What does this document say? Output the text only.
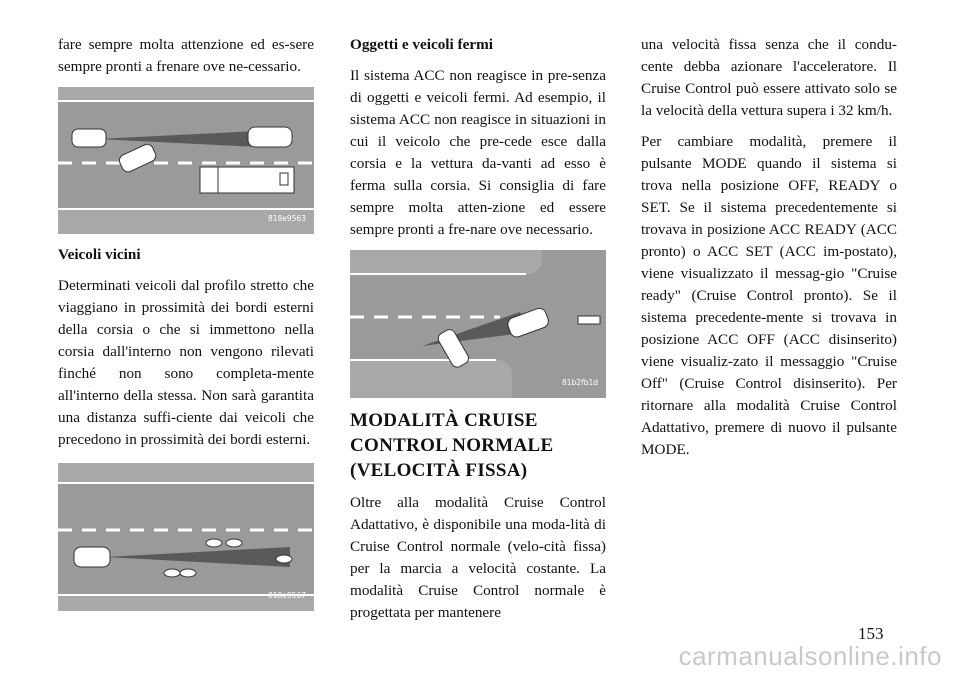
fare sempre molta attenzione ed es-sere sempre pronti a frenare ove ne-cessario.

818e9563

Veicoli vicini

Determinati veicoli dal profilo stretto che viaggiano in prossimità dei bordi esterni della corsia o che si immettono nella corsia dall'interno non vengono rilevati finché non sono completa-mente all'interno della stessa. Non sarà garantita una distanza suffi-ciente dai veicoli che precedono in prossimità dei bordi esterni.

818e9567

Oggetti e veicoli fermi

Il sistema ACC non reagisce in pre-senza di oggetti e veicoli fermi. Ad esempio, il sistema ACC non reagisce in situazioni in cui il veicolo che pre-cede esce dalla corsia e la vettura da-vanti ad esso è ferma sulla corsia. Si consiglia di fare sempre molta atten-zione ed essere sempre pronti a fre-nare ove necessario.

81b2fb1d

MODALITÀ CRUISE CONTROL NORMALE (VELOCITÀ FISSA)

Oltre alla modalità Cruise Control Adattativo, è disponibile una moda-lità di Cruise Control normale (velo-cità fissa) per la marcia a velocità costante. La modalità Cruise Control normale è progettata per mantenere

una velocità fissa senza che il condu-cente debba azionare l'acceleratore. Il Cruise Control può essere attivato solo se la velocità della vettura supera i 32 km/h.

Per cambiare modalità, premere il pulsante MODE quando il sistema si trova nella posizione OFF, READY o SET. Se il sistema precedentemente si trovava in posizione ACC READY (ACC pronto) o ACC SET (ACC im-postato), viene visualizzato il messag-gio "Cruise ready" (Cruise Control pronto). Se il sistema precedente-mente si trovava in posizione ACC OFF (ACC disinserito) viene visualiz-zato il messaggio "Cruise Off" (Cruise Control disinserito). Per ritornare alla modalità Cruise Control Adattativo, premere di nuovo il pulsante MODE.

153
carmanualsonline.info
